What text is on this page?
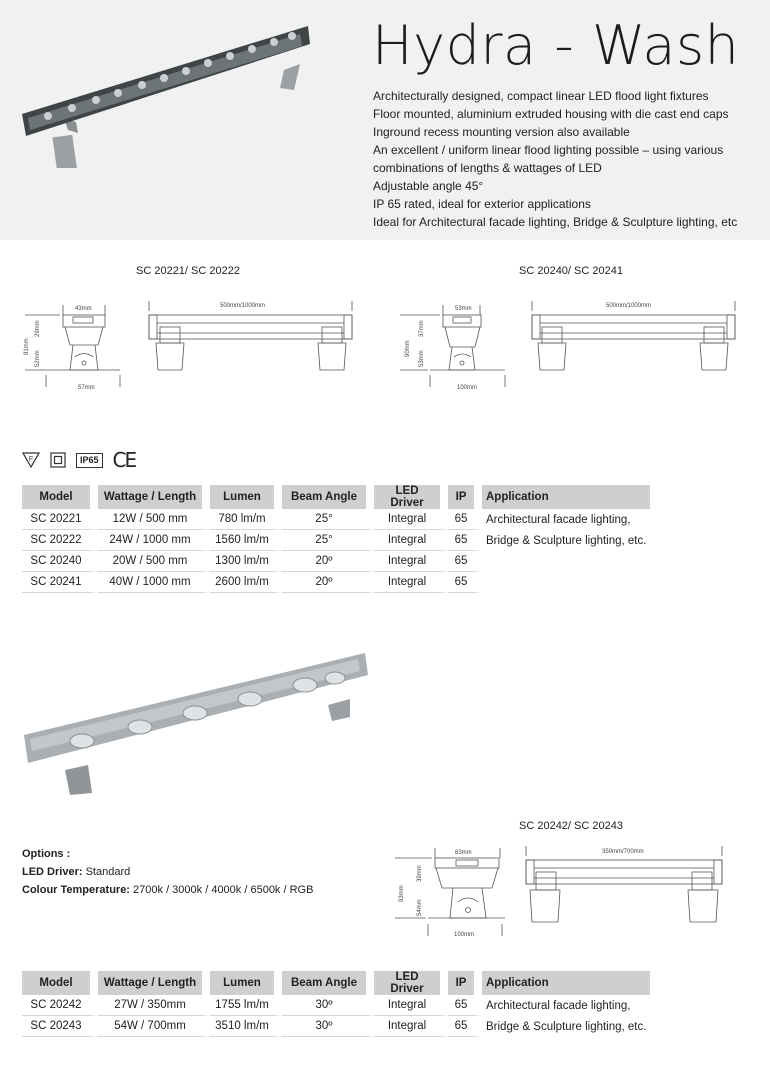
Hydra - Wash
Architecturally designed, compact linear LED flood light fixtures
Floor mounted, aluminium extruded housing with die cast end caps
Inground recess mounting version also available
An excellent / uniform linear flood lighting possible – using various
combinations of lengths & wattages of LED
Adjustable angle 45°
IP 65 rated, ideal for exterior applications
Ideal for Architectural facade lighting, Bridge & Sculpture lighting, etc
SC 20221/ SC 20222	SC 20240/ SC 20241
SC 20242/ SC 20243
43mm
57mm
29mm
81mm
52mm
500mm/1000mm	53mm
100mm
37mm
90mm
53mm
500mm/1000mm
F	IP65 CE
Model	Wattage / Length	Lumen	Beam Angle	LED Driver	IP	Application
SC 20221	12W / 500 mm	780 lm/m	25°	Integral	65	Architectural facade lighting,
SC 20222	24W / 1000 mm	1560 lm/m	25°	Integral	65	Bridge & Sculpture lighting, etc.
SC 20240	20W / 500 mm	1300 lm/m	20º	Integral	65	
SC 20241	40W / 1000 mm	2600 lm/m	20º	Integral	65	
Options :
LED Driver: Standard
Colour Temperature: 2700k / 3000k / 4000k / 6500k / RGB
83mm
100mm
39mm
93mm
54mm
350mm/700mm
Model	Wattage / Length	Lumen	Beam Angle	LED Driver	IP	Application
SC 20242	27W / 350mm	1755 lm/m	30º	Integral	65	Architectural facade lighting,
SC 20243	54W / 700mm	3510 lm/m	30º	Integral	65	Bridge & Sculpture lighting, etc.
